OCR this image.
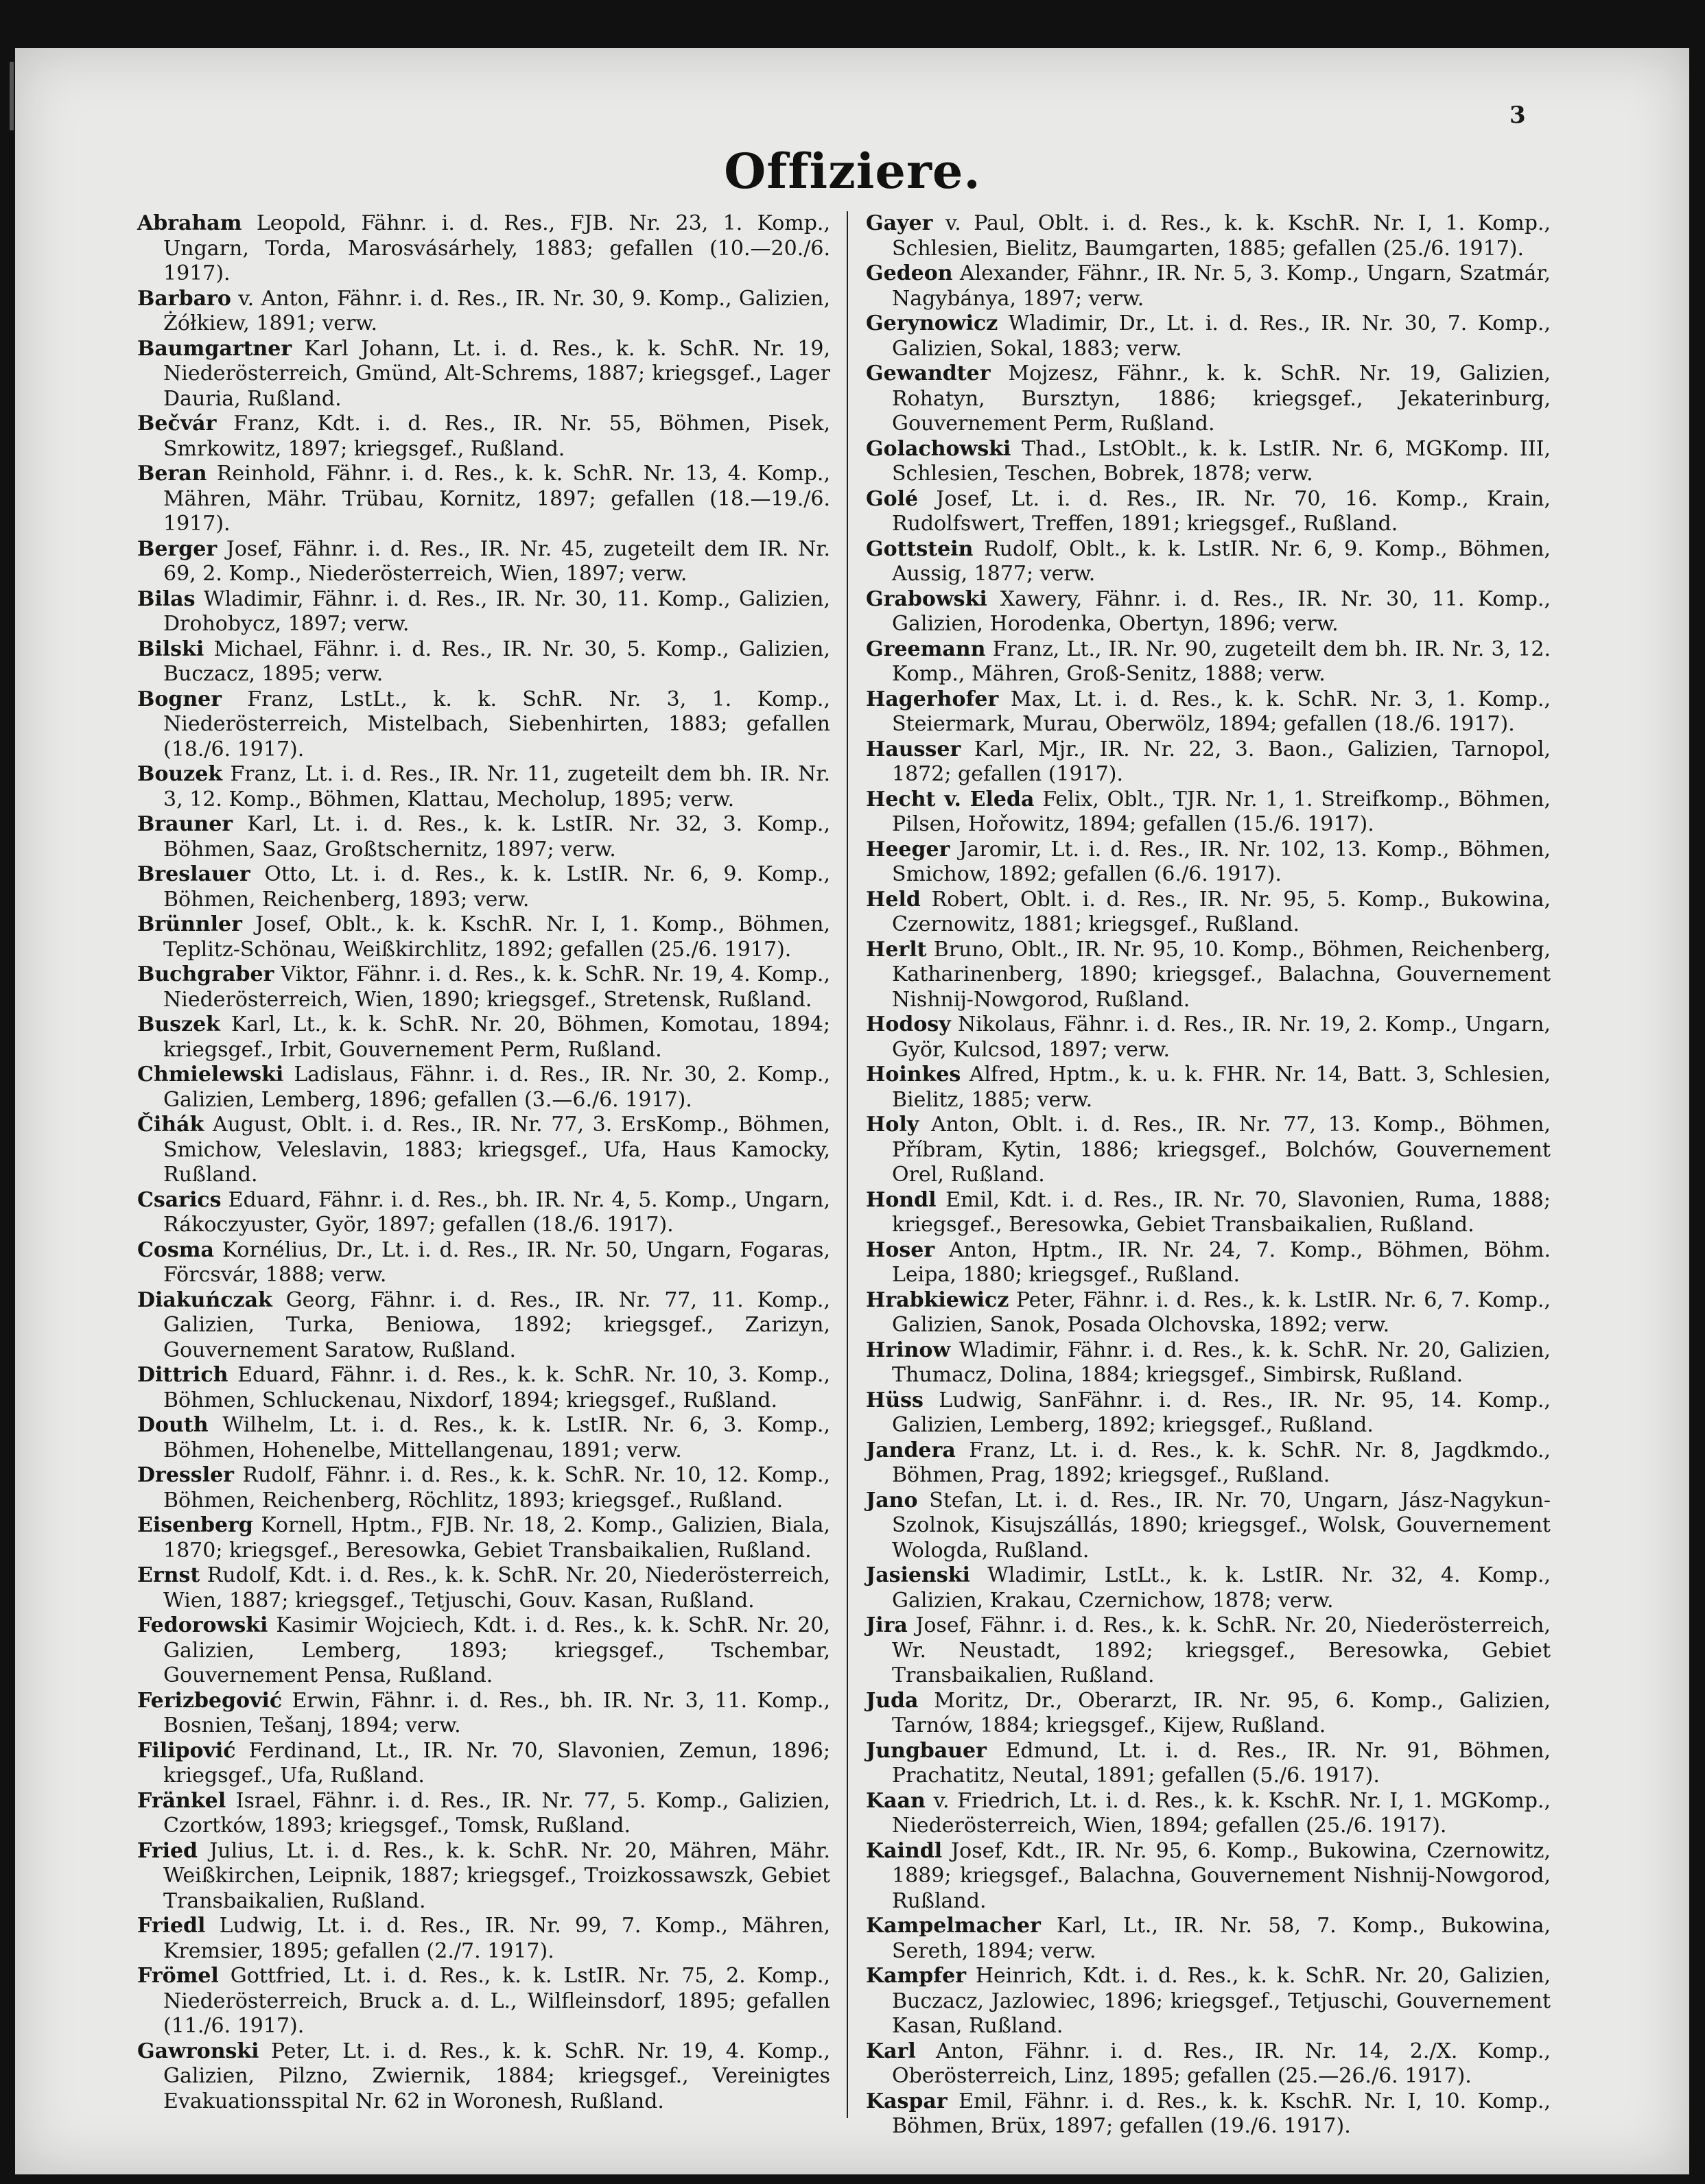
3
Offiziere.

Abraham Leopold, Fähnr. i. d. Res., FJB. Nr. 23, 1. Komp., Ungarn, Torda, Marosvásárhely, 1883; gefallen (10.—20./6. 1917).

Barbaro v. Anton, Fähnr. i. d. Res., IR. Nr. 30, 9. Komp., Galizien, Żółkiew, 1891; verw.

Baumgartner Karl Johann, Lt. i. d. Res., k. k. SchR. Nr. 19, Niederösterreich, Gmünd, Alt-Schrems, 1887; kriegsgef., Lager Dauria, Rußland.

Bečvár Franz, Kdt. i. d. Res., IR. Nr. 55, Böhmen, Pisek, Smrkowitz, 1897; kriegsgef., Rußland.

Beran Reinhold, Fähnr. i. d. Res., k. k. SchR. Nr. 13, 4. Komp., Mähren, Mähr. Trübau, Kornitz, 1897; gefallen (18.—19./6. 1917).

Berger Josef, Fähnr. i. d. Res., IR. Nr. 45, zugeteilt dem IR. Nr. 69, 2. Komp., Niederösterreich, Wien, 1897; verw.

Bilas Wladimir, Fähnr. i. d. Res., IR. Nr. 30, 11. Komp., Galizien, Drohobycz, 1897; verw.

Bilski Michael, Fähnr. i. d. Res., IR. Nr. 30, 5. Komp., Galizien, Buczacz, 1895; verw.

Bogner Franz, LstLt., k. k. SchR. Nr. 3, 1. Komp., Niederösterreich, Mistelbach, Siebenhirten, 1883; gefallen (18./6. 1917).

Bouzek Franz, Lt. i. d. Res., IR. Nr. 11, zugeteilt dem bh. IR. Nr. 3, 12. Komp., Böhmen, Klattau, Mecholup, 1895; verw.

Brauner Karl, Lt. i. d. Res., k. k. LstIR. Nr. 32, 3. Komp., Böhmen, Saaz, Großtschernitz, 1897; verw.

Breslauer Otto, Lt. i. d. Res., k. k. LstIR. Nr. 6, 9. Komp., Böhmen, Reichenberg, 1893; verw.

Brünnler Josef, Oblt., k. k. KschR. Nr. I, 1. Komp., Böhmen, Teplitz-Schönau, Weißkirchlitz, 1892; gefallen (25./6. 1917).

Buchgraber Viktor, Fähnr. i. d. Res., k. k. SchR. Nr. 19, 4. Komp., Niederösterreich, Wien, 1890; kriegsgef., Stretensk, Rußland.

Buszek Karl, Lt., k. k. SchR. Nr. 20, Böhmen, Komotau, 1894; kriegsgef., Irbit, Gouvernement Perm, Rußland.

Chmielewski Ladislaus, Fähnr. i. d. Res., IR. Nr. 30, 2. Komp., Galizien, Lemberg, 1896; gefallen (3.—6./6. 1917).

Čihák August, Oblt. i. d. Res., IR. Nr. 77, 3. ErsKomp., Böhmen, Smichow, Veleslavin, 1883; kriegsgef., Ufa, Haus Kamocky, Rußland.

Csarics Eduard, Fähnr. i. d. Res., bh. IR. Nr. 4, 5. Komp., Ungarn, Rákoczyuster, Györ, 1897; gefallen (18./6. 1917).

Cosma Kornélius, Dr., Lt. i. d. Res., IR. Nr. 50, Ungarn, Fogaras, Förcsvár, 1888; verw.

Diakuńczak Georg, Fähnr. i. d. Res., IR. Nr. 77, 11. Komp., Galizien, Turka, Beniowa, 1892; kriegsgef., Zarizyn, Gouvernement Saratow, Rußland.

Dittrich Eduard, Fähnr. i. d. Res., k. k. SchR. Nr. 10, 3. Komp., Böhmen, Schluckenau, Nixdorf, 1894; kriegsgef., Rußland.

Douth Wilhelm, Lt. i. d. Res., k. k. LstIR. Nr. 6, 3. Komp., Böhmen, Hohenelbe, Mittellangenau, 1891; verw.

Dressler Rudolf, Fähnr. i. d. Res., k. k. SchR. Nr. 10, 12. Komp., Böhmen, Reichenberg, Röchlitz, 1893; kriegsgef., Rußland.

Eisenberg Kornell, Hptm., FJB. Nr. 18, 2. Komp., Galizien, Biala, 1870; kriegsgef., Beresowka, Gebiet Transbaikalien, Rußland.

Ernst Rudolf, Kdt. i. d. Res., k. k. SchR. Nr. 20, Niederösterreich, Wien, 1887; kriegsgef., Tetjuschi, Gouv. Kasan, Rußland.

Fedorowski Kasimir Wojciech, Kdt. i. d. Res., k. k. SchR. Nr. 20, Galizien, Lemberg, 1893; kriegsgef., Tschembar, Gouvernement Pensa, Rußland.

Ferizbegović Erwin, Fähnr. i. d. Res., bh. IR. Nr. 3, 11. Komp., Bosnien, Tešanj, 1894; verw.

Filipović Ferdinand, Lt., IR. Nr. 70, Slavonien, Zemun, 1896; kriegsgef., Ufa, Rußland.

Fränkel Israel, Fähnr. i. d. Res., IR. Nr. 77, 5. Komp., Galizien, Czortków, 1893; kriegsgef., Tomsk, Rußland.

Fried Julius, Lt. i. d. Res., k. k. SchR. Nr. 20, Mähren, Mähr. Weißkirchen, Leipnik, 1887; kriegsgef., Troizkossawszk, Gebiet Transbaikalien, Rußland.

Friedl Ludwig, Lt. i. d. Res., IR. Nr. 99, 7. Komp., Mähren, Kremsier, 1895; gefallen (2./7. 1917).

Frömel Gottfried, Lt. i. d. Res., k. k. LstIR. Nr. 75, 2. Komp., Niederösterreich, Bruck a. d. L., Wilfleinsdorf, 1895; gefallen (11./6. 1917).

Gawronski Peter, Lt. i. d. Res., k. k. SchR. Nr. 19, 4. Komp., Galizien, Pilzno, Zwiernik, 1884; kriegsgef., Vereinigtes Evakuationsspital Nr. 62 in Woronesh, Rußland.

Gayer v. Paul, Oblt. i. d. Res., k. k. KschR. Nr. I, 1. Komp., Schlesien, Bielitz, Baumgarten, 1885; gefallen (25./6. 1917).

Gedeon Alexander, Fähnr., IR. Nr. 5, 3. Komp., Ungarn, Szatmár, Nagybánya, 1897; verw.

Gerynowicz Wladimir, Dr., Lt. i. d. Res., IR. Nr. 30, 7. Komp., Galizien, Sokal, 1883; verw.

Gewandter Mojzesz, Fähnr., k. k. SchR. Nr. 19, Galizien, Rohatyn, Bursztyn, 1886; kriegsgef., Jekaterinburg, Gouvernement Perm, Rußland.

Golachowski Thad., LstOblt., k. k. LstIR. Nr. 6, MGKomp. III, Schlesien, Teschen, Bobrek, 1878; verw.

Golé Josef, Lt. i. d. Res., IR. Nr. 70, 16. Komp., Krain, Rudolfswert, Treffen, 1891; kriegsgef., Rußland.

Gottstein Rudolf, Oblt., k. k. LstIR. Nr. 6, 9. Komp., Böhmen, Aussig, 1877; verw.

Grabowski Xawery, Fähnr. i. d. Res., IR. Nr. 30, 11. Komp., Galizien, Horodenka, Obertyn, 1896; verw.

Greemann Franz, Lt., IR. Nr. 90, zugeteilt dem bh. IR. Nr. 3, 12. Komp., Mähren, Groß-Senitz, 1888; verw.

Hagerhofer Max, Lt. i. d. Res., k. k. SchR. Nr. 3, 1. Komp., Steiermark, Murau, Oberwölz, 1894; gefallen (18./6. 1917).

Hausser Karl, Mjr., IR. Nr. 22, 3. Baon., Galizien, Tarnopol, 1872; gefallen (1917).

Hecht v. Eleda Felix, Oblt., TJR. Nr. 1, 1. Streifkomp., Böhmen, Pilsen, Hořowitz, 1894; gefallen (15./6. 1917).

Heeger Jaromir, Lt. i. d. Res., IR. Nr. 102, 13. Komp., Böhmen, Smichow, 1892; gefallen (6./6. 1917).

Held Robert, Oblt. i. d. Res., IR. Nr. 95, 5. Komp., Bukowina, Czernowitz, 1881; kriegsgef., Rußland.

Herlt Bruno, Oblt., IR. Nr. 95, 10. Komp., Böhmen, Reichenberg, Katharinenberg, 1890; kriegsgef., Balachna, Gouvernement Nishnij-Nowgorod, Rußland.

Hodosy Nikolaus, Fähnr. i. d. Res., IR. Nr. 19, 2. Komp., Ungarn, Györ, Kulcsod, 1897; verw.

Hoinkes Alfred, Hptm., k. u. k. FHR. Nr. 14, Batt. 3, Schlesien, Bielitz, 1885; verw.

Holy Anton, Oblt. i. d. Res., IR. Nr. 77, 13. Komp., Böhmen, Příbram, Kytin, 1886; kriegsgef., Bolchów, Gouvernement Orel, Rußland.

Hondl Emil, Kdt. i. d. Res., IR. Nr. 70, Slavonien, Ruma, 1888; kriegsgef., Beresowka, Gebiet Transbaikalien, Rußland.

Hoser Anton, Hptm., IR. Nr. 24, 7. Komp., Böhmen, Böhm. Leipa, 1880; kriegsgef., Rußland.

Hrabkiewicz Peter, Fähnr. i. d. Res., k. k. LstIR. Nr. 6, 7. Komp., Galizien, Sanok, Posada Olchovska, 1892; verw.

Hrinow Wladimir, Fähnr. i. d. Res., k. k. SchR. Nr. 20, Galizien, Thumacz, Dolina, 1884; kriegsgef., Simbirsk, Rußland.

Hüss Ludwig, SanFähnr. i. d. Res., IR. Nr. 95, 14. Komp., Galizien, Lemberg, 1892; kriegsgef., Rußland.

Jandera Franz, Lt. i. d. Res., k. k. SchR. Nr. 8, Jagdkmdo., Böhmen, Prag, 1892; kriegsgef., Rußland.

Jano Stefan, Lt. i. d. Res., IR. Nr. 70, Ungarn, Jász-Nagykun-Szolnok, Kisujszállás, 1890; kriegsgef., Wolsk, Gouvernement Wologda, Rußland.

Jasienski Wladimir, LstLt., k. k. LstIR. Nr. 32, 4. Komp., Galizien, Krakau, Czernichow, 1878; verw.

Jira Josef, Fähnr. i. d. Res., k. k. SchR. Nr. 20, Niederösterreich, Wr. Neustadt, 1892; kriegsgef., Beresowka, Gebiet Transbaikalien, Rußland.

Juda Moritz, Dr., Oberarzt, IR. Nr. 95, 6. Komp., Galizien, Tarnów, 1884; kriegsgef., Kijew, Rußland.

Jungbauer Edmund, Lt. i. d. Res., IR. Nr. 91, Böhmen, Prachatitz, Neutal, 1891; gefallen (5./6. 1917).

Kaan v. Friedrich, Lt. i. d. Res., k. k. KschR. Nr. I, 1. MGKomp., Niederösterreich, Wien, 1894; gefallen (25./6. 1917).

Kaindl Josef, Kdt., IR. Nr. 95, 6. Komp., Bukowina, Czernowitz, 1889; kriegsgef., Balachna, Gouvernement Nishnij-Nowgorod, Rußland.

Kampelmacher Karl, Lt., IR. Nr. 58, 7. Komp., Bukowina, Sereth, 1894; verw.

Kampfer Heinrich, Kdt. i. d. Res., k. k. SchR. Nr. 20, Galizien, Buczacz, Jazlowiec, 1896; kriegsgef., Tetjuschi, Gouvernement Kasan, Rußland.

Karl Anton, Fähnr. i. d. Res., IR. Nr. 14, 2./X. Komp., Oberösterreich, Linz, 1895; gefallen (25.—26./6. 1917).

Kaspar Emil, Fähnr. i. d. Res., k. k. KschR. Nr. I, 10. Komp., Böhmen, Brüx, 1897; gefallen (19./6. 1917).
